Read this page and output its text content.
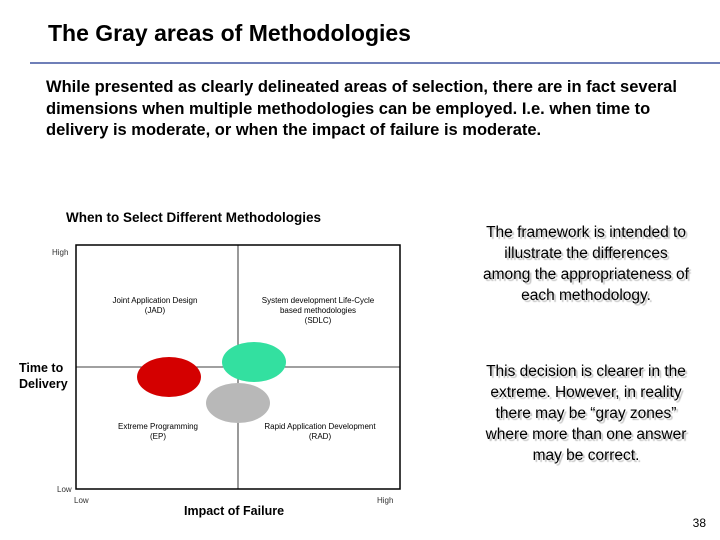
The Gray areas of Methodologies

While presented as clearly delineated areas of selection, there are in fact several dimensions when multiple methodologies can be employed. I.e. when time to delivery is moderate, or when the impact of failure is moderate.

When to Select Different Methodologies
High
Low
Low	High
Time to
Delivery
Impact of Failure
Joint Application Design
(JAD)
System development Life-Cycle
based methodologies
(SDLC)
Extreme Programming
(EP)
Rapid Application Development
(RAD)

The framework is intended to illustrate the differences among the appropriateness of each methodology.

This decision is clearer in the extreme. However, in reality there may be “gray zones” where more than one answer may be correct.

38
